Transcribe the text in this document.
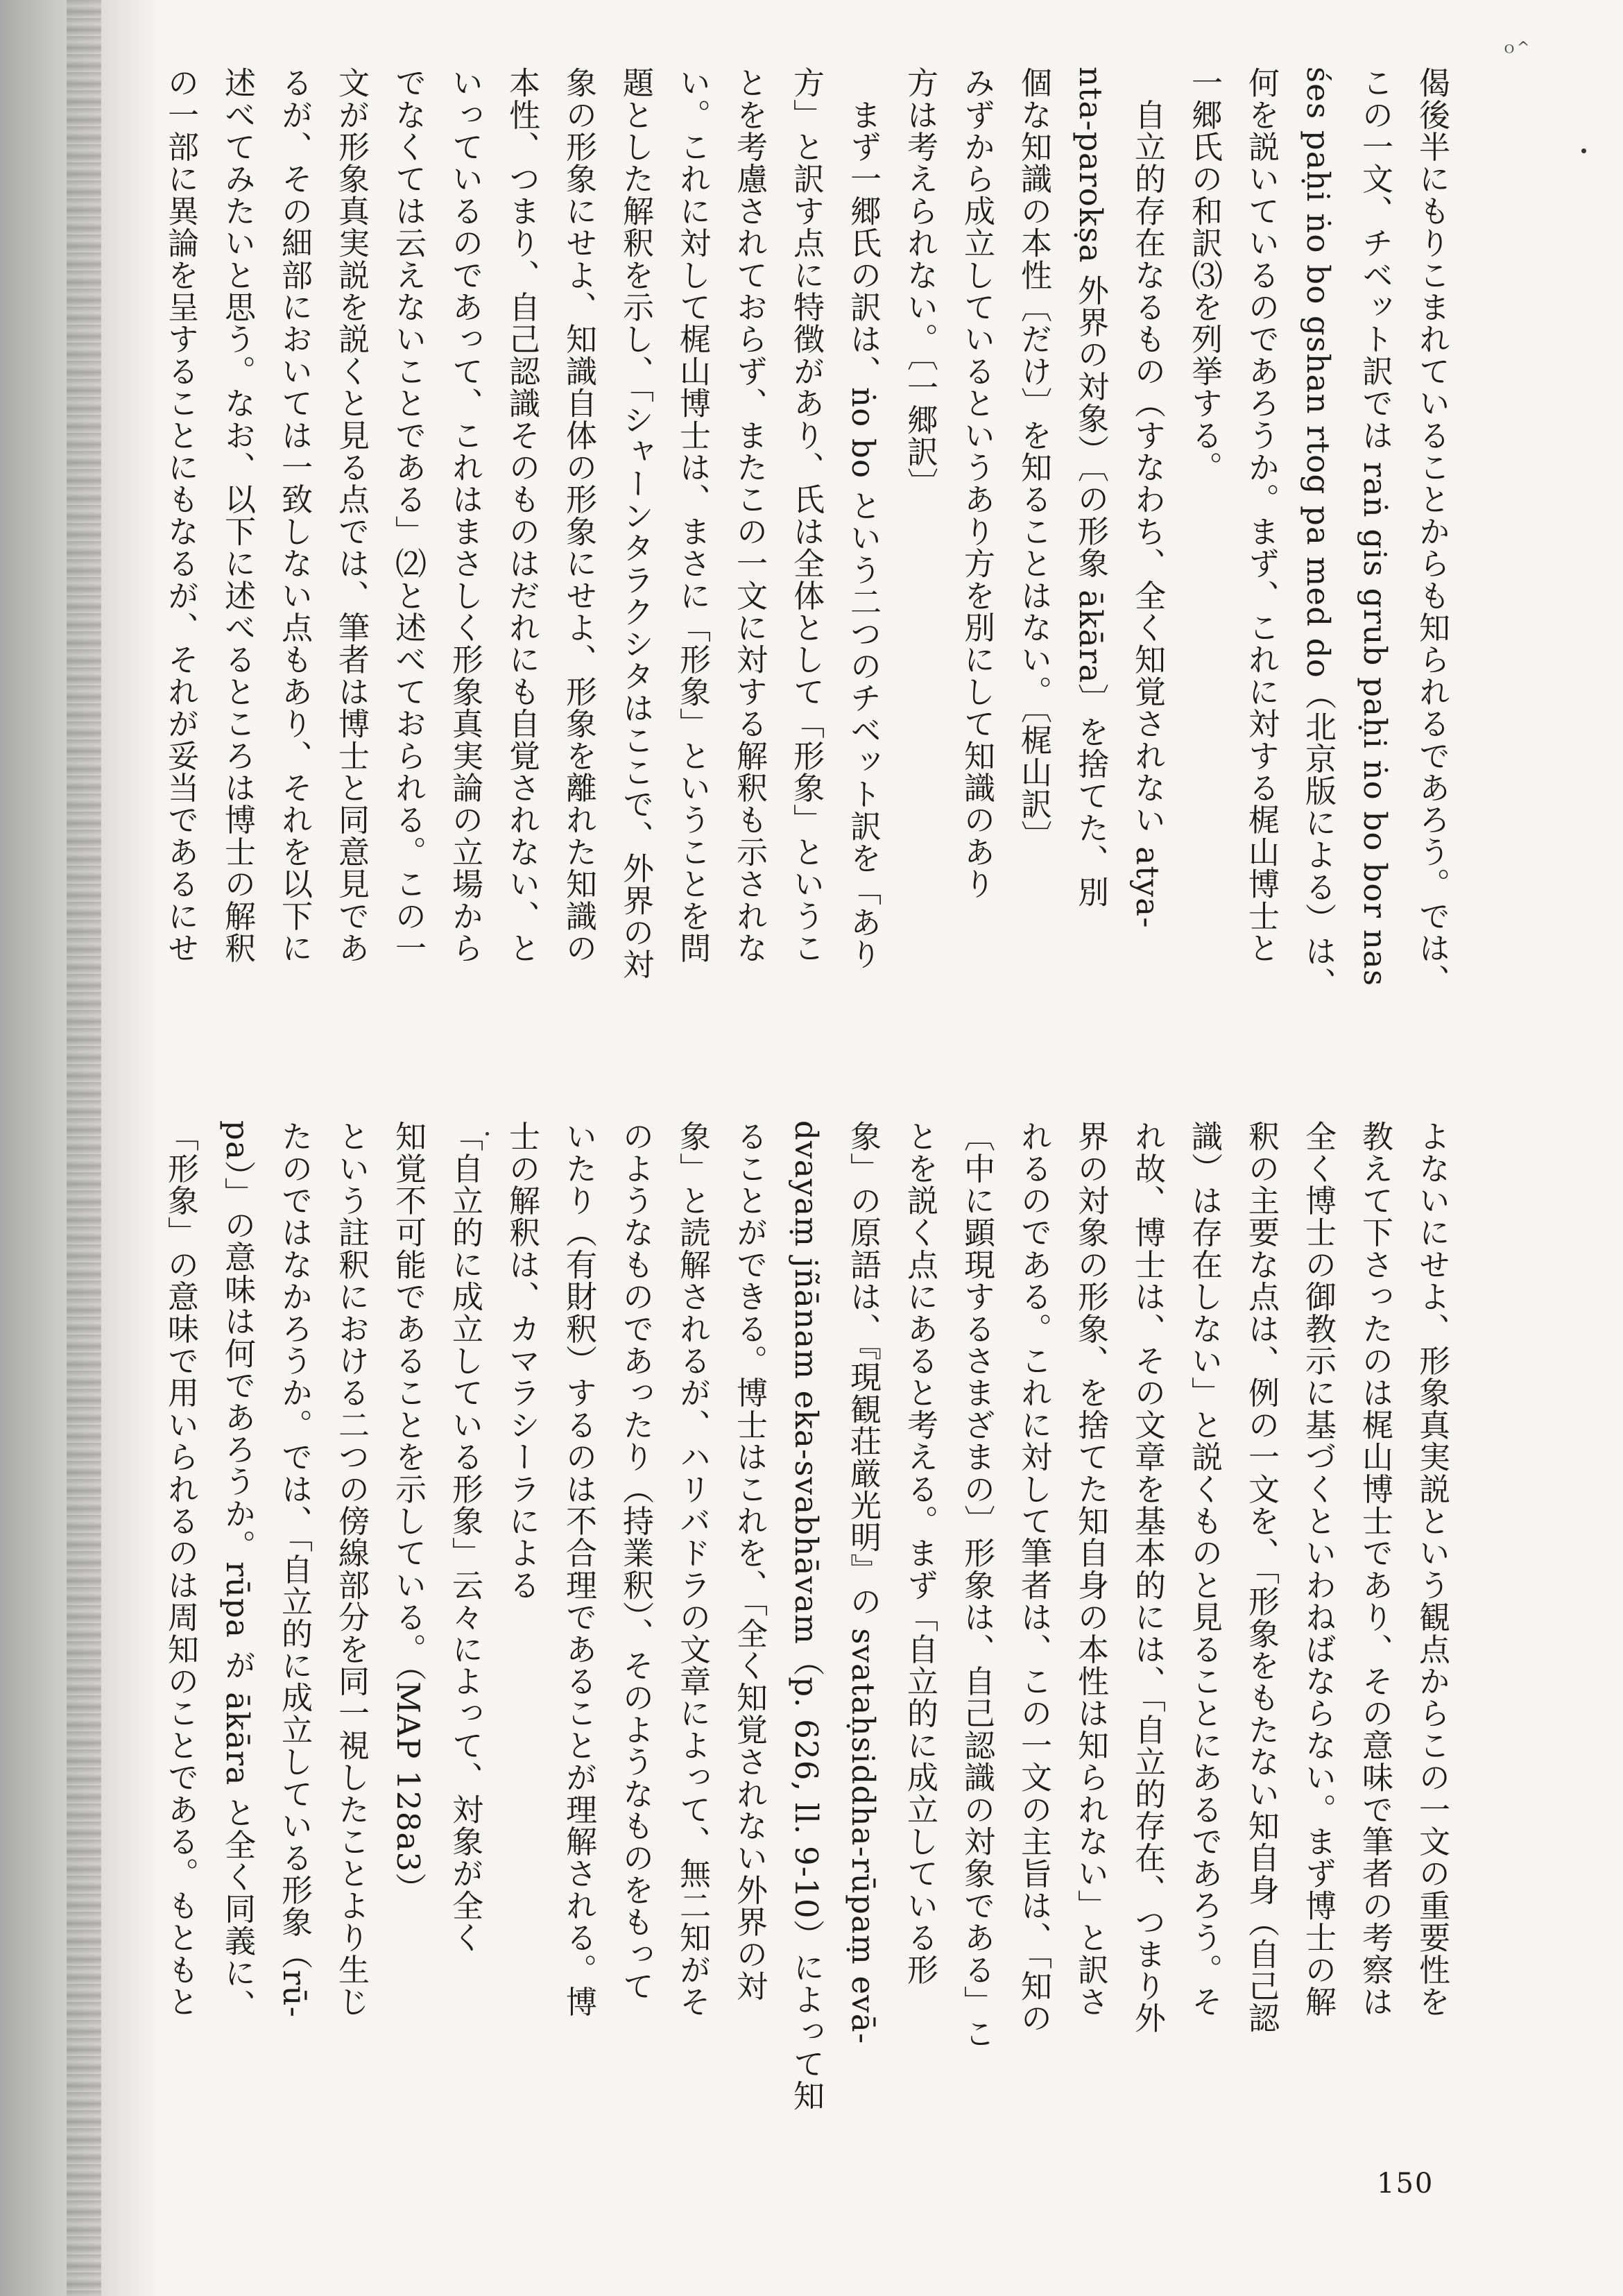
ｏ^

偈後半にもりこまれていることからも知られるであろう。では、

この一文、チベット訳では raṅ gis grub paḥi ṅo bo bor nas

śes paḥi ṅo bo gshan rtog pa med do（北京版による）は、

何を説いているのであろうか。まず、これに対する梶山博士と

一郷氏の和訳⑶を列挙する。

　自立的存在なるもの（すなわち、全く知覚されない atya-

nta-parokṣa 外界の対象）〔の形象 ākāra〕を捨てた、別

個な知識の本性〔だけ〕を知ることはない。〔梶山訳〕

みずから成立しているというあり方を別にして知識のあり

方は考えられない。〔一郷訳〕

　まず一郷氏の訳は、ṅo bo という二つのチベット訳を「あり

方」と訳す点に特徴があり、氏は全体として「形象」というこ

とを考慮されておらず、またこの一文に対する解釈も示されな

い。これに対して梶山博士は、まさに「形象」ということを問

題とした解釈を示し、「シャーンタラクシタはここで、外界の対

象の形象にせよ、知識自体の形象にせよ、形象を離れた知識の

本性、つまり、自己認識そのものはだれにも自覚されない、と

いっているのであって、これはまさしく形象真実論の立場から

でなくては云えないことである」⑵と述べておられる。この一

文が形象真実説を説くと見る点では、筆者は博士と同意見であ

るが、その細部においては一致しない点もあり、それを以下に

述べてみたいと思う。なお、以下に述べるところは博士の解釈

の一部に異論を呈することにもなるが、それが妥当であるにせ

よないにせよ、形象真実説という観点からこの一文の重要性を

教えて下さったのは梶山博士であり、その意味で筆者の考察は

全く博士の御教示に基づくといわねばならない。まず博士の解

釈の主要な点は、例の一文を、「形象をもたない知自身（自己認

識）は存在しない」と説くものと見ることにあるであろう。そ

れ故、博士は、その文章を基本的には、「自立的存在、つまり外

界の対象の形象、を捨てた知自身の本性は知られない」と訳さ

れるのである。これに対して筆者は、この一文の主旨は、「知の

〔中に顕現するさまざまの〕形象は、自己認識の対象である」こ

とを説く点にあると考える。まず「自立的に成立している形

象」の原語は、『現観荘厳光明』の svataḥsiddha-rūpaṃ evā-

dvayaṃ jñānam eka-svabhāvam（p. 626, ll. 9-10）によって知

ることができる。博士はこれを、「全く知覚されない外界の対

象」と読解されるが、ハリバドラの文章によって、無二知がそ

のようなものであったり（持業釈）、そのようなものをもって

いたり（有財釈）するのは不合理であることが理解される。博

士の解釈は、カマラシーラによる

「自立的に成立している形象」云々によって、対象が全く

知覚不可能であることを示している。（MAP 128a3）

という註釈における二つの傍線部分を同一視したことより生じ

たのではなかろうか。では、「自立的に成立している形象（rū-

pa）」の意味は何であろうか。rūpa が ākāra と全く同義に、

「形象」の意味で用いられるのは周知のことである。もともと

150
